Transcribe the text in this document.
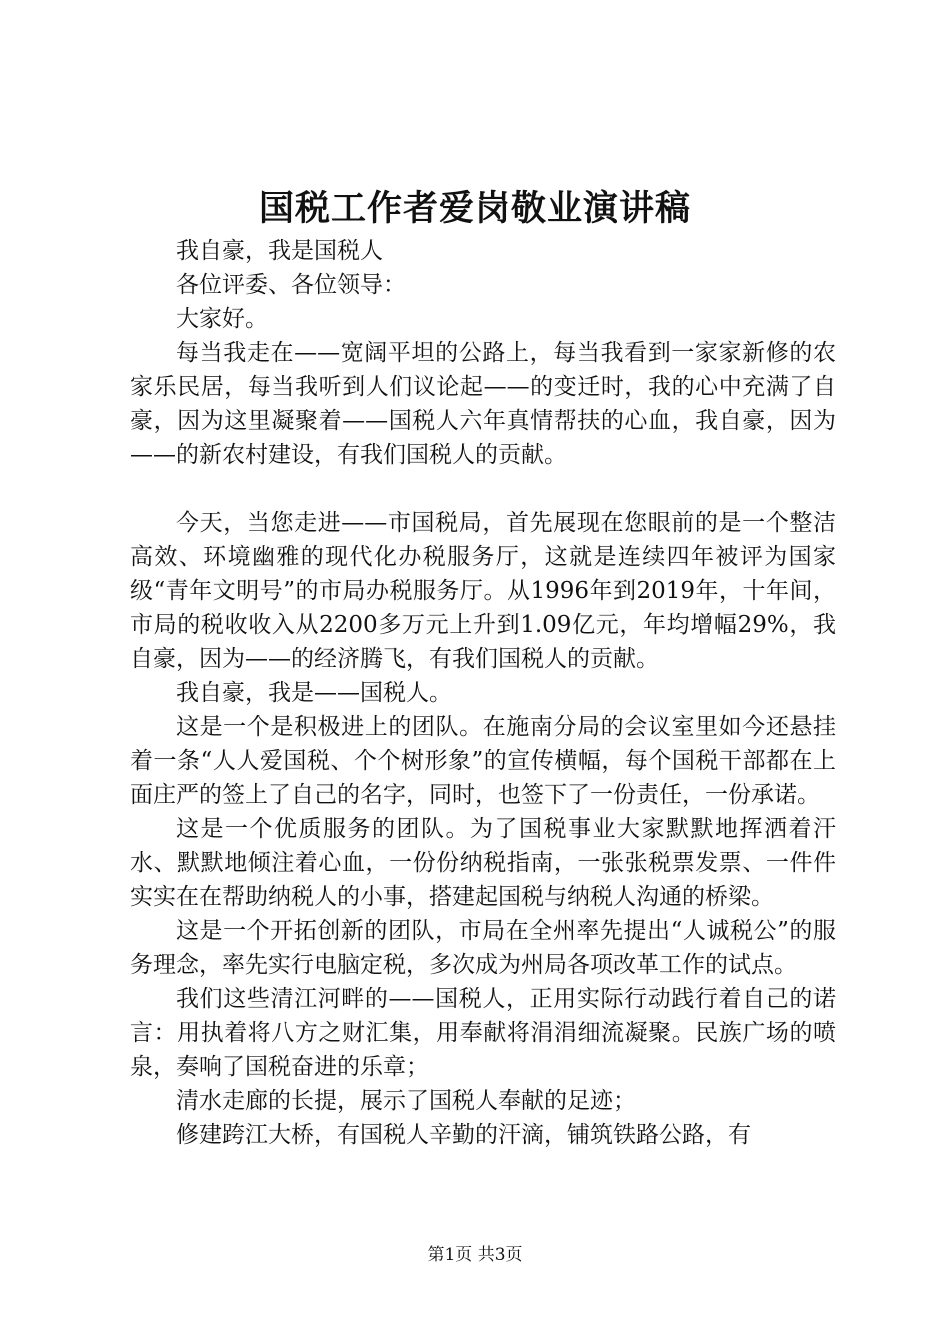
国税工作者爱岗敬业演讲稿

我自豪，我是国税人

各位评委、各位领导：

大家好。

每当我走在——宽阔平坦的公路上，每当我看到一家家新修的农家乐民居，每当我听到人们议论起——的变迁时，我的心中充满了自豪，因为这里凝聚着——国税人六年真情帮扶的心血，我自豪，因为——的新农村建设，有我们国税人的贡献。

今天，当您走进——市国税局，首先展现在您眼前的是一个整洁高效、环境幽雅的现代化办税服务厅，这就是连续四年被评为国家级“青年文明号”的市局办税服务厅。从1996年到2019年，十年间，市局的税收收入从2200多万元上升到1.09亿元，年均增幅29%，我自豪，因为——的经济腾飞，有我们国税人的贡献。

我自豪，我是——国税人。

这是一个是积极进上的团队。在施南分局的会议室里如今还悬挂着一条“人人爱国税、个个树形象”的宣传横幅，每个国税干部都在上面庄严的签上了自己的名字，同时，也签下了一份责任，一份承诺。

这是一个优质服务的团队。为了国税事业大家默默地挥洒着汗水、默默地倾注着心血，一份份纳税指南，一张张税票发票、一件件实实在在帮助纳税人的小事，搭建起国税与纳税人沟通的桥梁。

这是一个开拓创新的团队，市局在全州率先提出“人诚税公”的服务理念，率先实行电脑定税，多次成为州局各项改革工作的试点。

我们这些清江河畔的——国税人，正用实际行动践行着自己的诺言：用执着将八方之财汇集，用奉献将涓涓细流凝聚。民族广场的喷泉，奏响了国税奋进的乐章；

清水走廊的长提，展示了国税人奉献的足迹；

修建跨江大桥，有国税人辛勤的汗滴，铺筑铁路公路，有

第1页 共3页
